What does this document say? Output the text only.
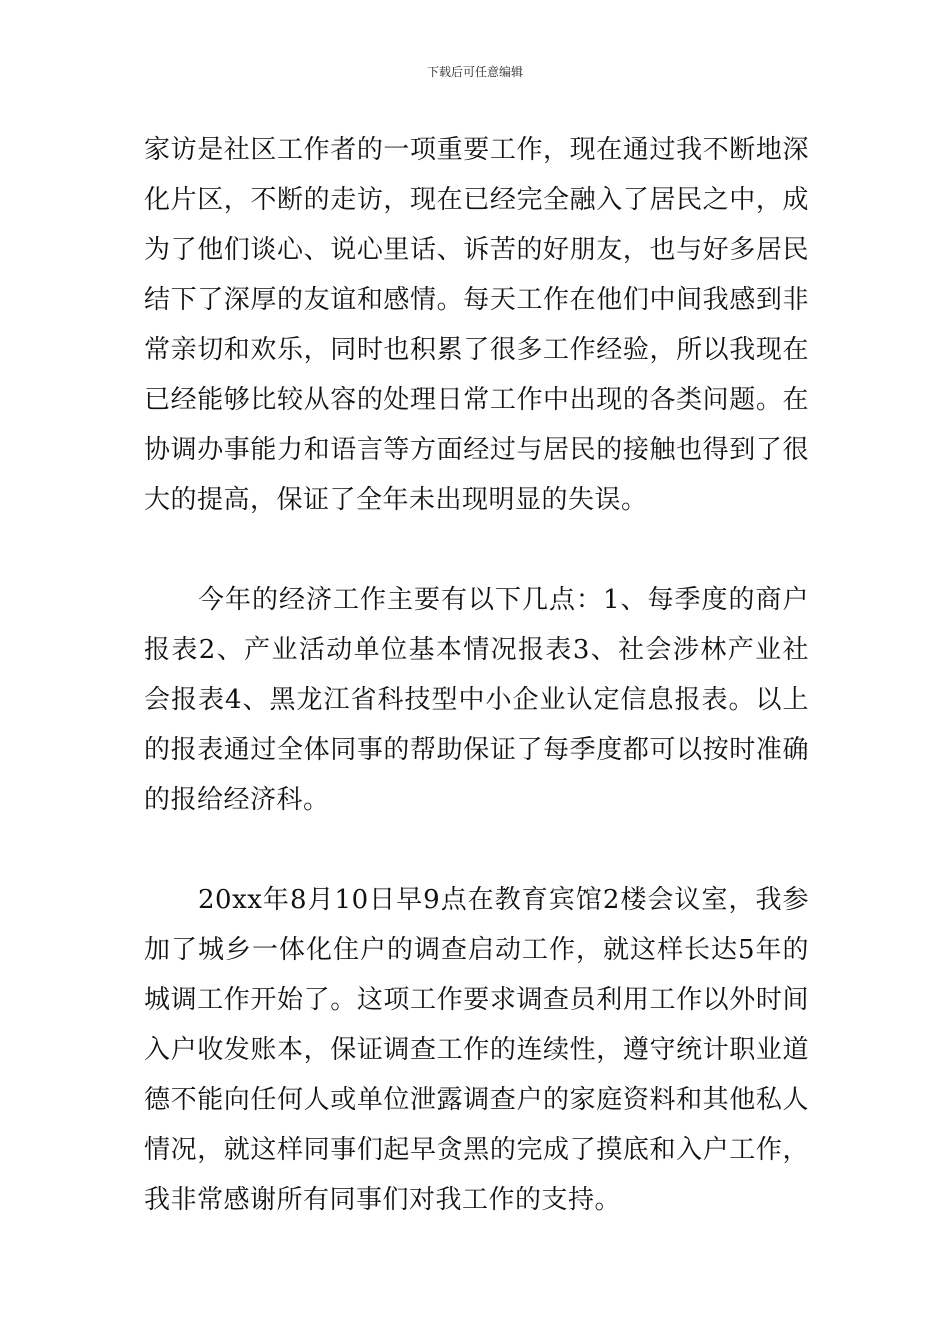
下载后可任意编辑

家访是社区工作者的一项重要工作，现在通过我不断地深化片区，不断的走访，现在已经完全融入了居民之中，成为了他们谈心、说心里话、诉苦的好朋友，也与好多居民结下了深厚的友谊和感情。每天工作在他们中间我感到非常亲切和欢乐，同时也积累了很多工作经验，所以我现在已经能够比较从容的处理日常工作中出现的各类问题。在协调办事能力和语言等方面经过与居民的接触也得到了很大的提高，保证了全年未出现明显的失误。

今年的经济工作主要有以下几点：1、每季度的商户报表2、产业活动单位基本情况报表3、社会涉林产业社会报表4、黑龙江省科技型中小企业认定信息报表。以上的报表通过全体同事的帮助保证了每季度都可以按时准确的报给经济科。

20xx年8月10日早9点在教育宾馆2楼会议室，我参加了城乡一体化住户的调查启动工作，就这样长达5年的城调工作开始了。这项工作要求调查员利用工作以外时间入户收发账本，保证调查工作的连续性，遵守统计职业道德不能向任何人或单位泄露调查户的家庭资料和其他私人情况，就这样同事们起早贪黑的完成了摸底和入户工作，我非常感谢所有同事们对我工作的支持。
